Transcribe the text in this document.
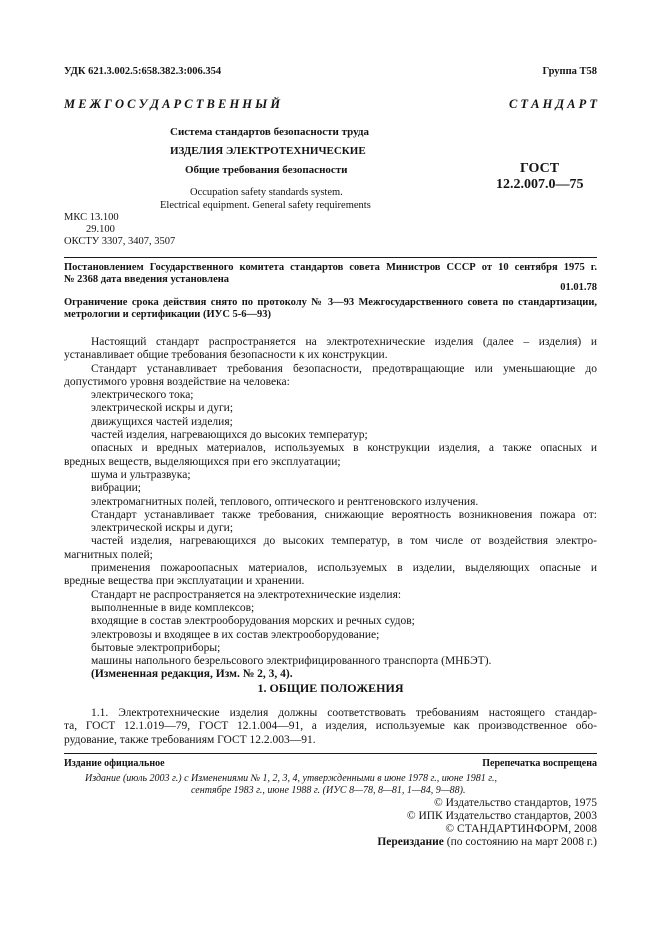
УДК 621.3.002.5:658.382.3:006.354	Группа Т58
М Е Ж Г О С У Д А Р С Т В Е Н Н Ы Й	С Т А Н Д А Р Т
Система стандартов безопасности труда
ИЗДЕЛИЯ ЭЛЕКТРОТЕХНИЧЕСКИЕ
Общие требования безопасности
Occupation safety standards system.
Electrical equipment. General safety requirements
ГОСТ
12.2.007.0—75
МКС 13.100
29.100
ОКСТУ 3307, 3407, 3507
Постановлением Государственного комитета стандартов совета Министров СССР от 10 сентября 1975 г.
№ 2368 дата введения установлена
01.01.78
Ограничение срока действия снято по протоколу № 3—93 Межгосударственного совета по стандартизации,
метрологии и сертификации (ИУС 5-6—93)
Настоящий стандарт распространяется на электротехнические изделия (далее – изделия) и
устанавливает общие требования безопасности к их конструкции.
Стандарт устанавливает требования безопасности, предотвращающие или уменьшающие до
допустимого уровня воздействие на человека:
электрического тока;
электрической искры и дуги;
движущихся частей изделия;
частей изделия, нагревающихся до высоких температур;
опасных и вредных материалов, используемых в конструкции изделия, а также опасных и
вредных веществ, выделяющихся при его эксплуатации;
шума и ультразвука;
вибрации;
электромагнитных полей, теплового, оптического и рентгеновского излучения.
Стандарт устанавливает также требования, снижающие вероятность возникновения пожара от:
электрической искры и дуги;
частей изделия, нагревающихся до высоких температур, в том числе от воздействия электро-
магнитных полей;
применения пожароопасных материалов, используемых в изделии, выделяющих опасные и
вредные вещества при эксплуатации и хранении.
Стандарт не распространяется на электротехнические изделия:
выполненные в виде комплексов;
входящие в состав электрооборудования морских и речных судов;
электровозы и входящее в их состав электрооборудование;
бытовые электроприборы;
машины напольного безрельсового электрифицированного транспорта (МНБЭТ).
(Измененная редакция, Изм. № 2, 3, 4).
1. ОБЩИЕ ПОЛОЖЕНИЯ
1.1. Электротехнические изделия должны соответствовать требованиям настоящего стандар-
та, ГОСТ 12.1.019—79, ГОСТ 12.1.004—91, а изделия, используемые как производственное обо-
рудование, также требованиям ГОСТ 12.2.003—91.
Издание официальное	Перепечатка воспрещена
Издание (июль 2003 г.) с Изменениями № 1, 2, 3, 4, утвержденными в июне 1978 г., июне 1981 г.,
сентябре 1983 г., июне 1988 г. (ИУС 8—78, 8—81, 1—84, 9—88).
© Издательство стандартов, 1975
© ИПК Издательство стандартов, 2003
© СТАНДАРТИНФОРМ, 2008
Переиздание (по состоянию на март 2008 г.)
